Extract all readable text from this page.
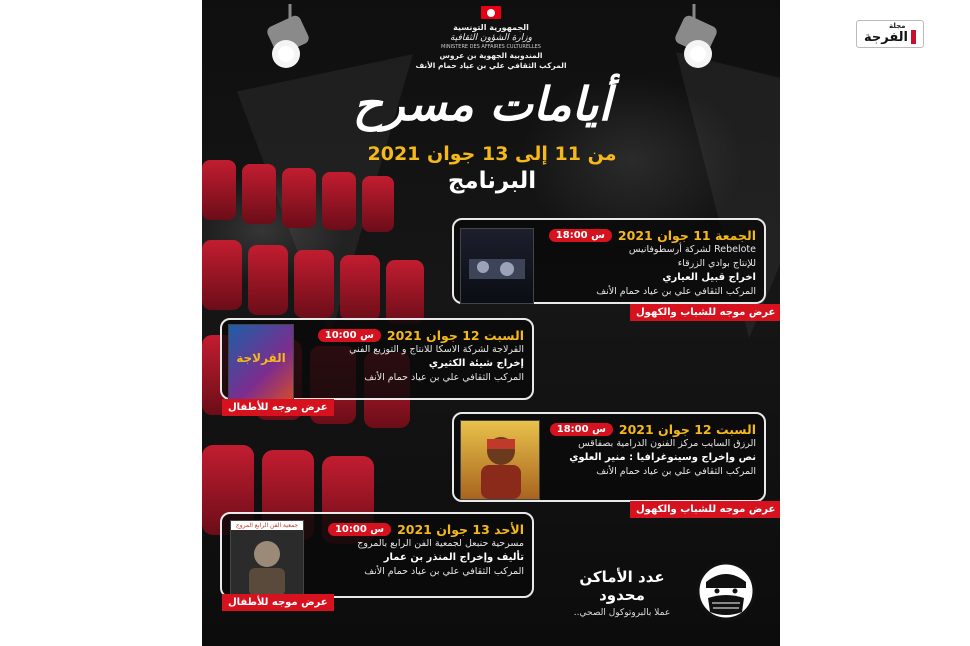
مجلة
الفرجة
الجمهورية التونسية
وزارة الشؤون الثقافية
MINISTERE DES AFFAIRES CULTURELLES
المندوبية الجهوية بن عروس
المركب الثقافي علي بن عياد حمام الأنف
أيامات مسرح
من 11 إلى 13 جوان 2021
البرنامج
الجمعة 11 جوان 2021
س 18:00
Rebelote لشركة أرسطوفانيس
للإنتاج بوادي الزرقاء
اخراج قبيل العياري
المركب الثقافي علي بن عياد حمام الأنف
عرض موجه للشباب والكهول
القرلاجة
السبت 12 جوان 2021
س 10:00
القرلاجة لشركة الاسكا للانتاج و التوزيع الفني
إخراج شيئة الكثيري
المركب الثقافي علي بن عياد حمام الأنف
عرض موجه للأطفال
السبت 12 جوان 2021
س 18:00
الرزق السايب مركز الفنون الدرامية بصفاقس
نص وإخراج وسينوغرافيا : منير العلوي
المركب الثقافي علي بن عياد حمام الأنف
عرض موجه للشباب والكهول
جمعية الفن الرابع المروج	الأحد 13 جوان 2021
س 10:00
مسرحية حنبعل لجمعية الفن الرابع بالمروج
تأليف وإخراج المنذر بن عمار
المركب الثقافي علي بن عياد حمام الأنف
عرض موجه للأطفال
عدد الأماكن
محدود
عملا بالبروتوكول الصحي..
